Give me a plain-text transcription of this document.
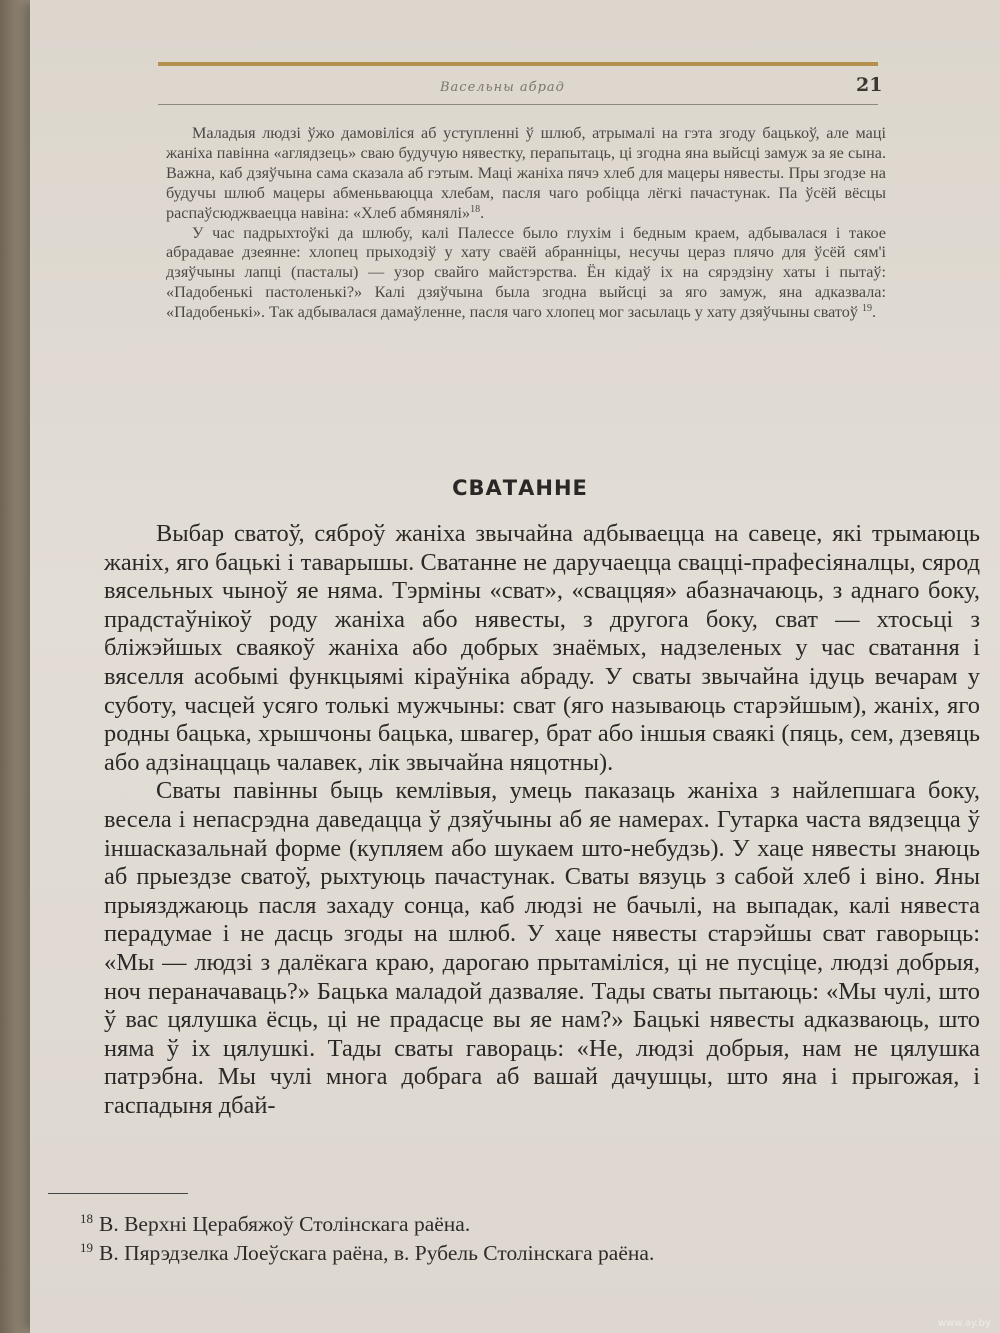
Васельны абрад	21

Маладыя людзі ўжо дамовіліся аб уступленні ў шлюб, атрымалі на гэта згоду бацькоў, але маці жаніха павінна «аглядзець» сваю будучую нявестку, перапытаць, ці згодна яна выйсці замуж за яе сына. Важна, каб дзяўчына сама сказала аб гэтым. Маці жаніха пячэ хлеб для мацеры нявесты. Пры згодзе на будучы шлюб мацеры абменьваюцца хлебам, пасля чаго робіцца лёгкі пачастунак. Па ўсёй вёсцы распаўсюджваецца навіна: «Хлеб абмянялі»$^{18}$.

У час падрыхтоўкі да шлюбу, калі Палессе было глухім і бедным краем, адбывалася і такое абрадавае дзеянне: хлопец прыходзіў у хату сваёй абранніцы, несучы цераз плячо для ўсёй сям'і дзяўчыны лапці (пасталы) — узор свайго майстэрства. Ён кідаў іх на сярэдзіну хаты і пытаў: «Падобенькі пастоленькі?» Калі дзяўчына была згодна выйсці за яго замуж, яна адказвала: «Падобенькі». Так адбывалася дамаўленне, пасля чаго хлопец мог засылаць у хату дзяўчыны сватоў $^{19}$.

СВАТАННЕ

Выбар сватоў, сяброў жаніха звычайна адбываецца на савеце, які трымаюць жаніх, яго бацькі і таварышы. Сватанне не даручаецца свацці-прафесіяналцы, сярод вясельных чыноў яе няма. Тэрміны «сват», «сваццяя» абазначаюць, з аднаго боку, прадстаўнікоў роду жаніха або нявесты, з другога боку, сват — хтосьці з бліжэйшых сваякоў жаніха або добрых знаёмых, надзеленых у час сватання і вяселля асобымі функцыямі кіраўніка абраду. У сваты звычайна ідуць вечарам у суботу, часцей усяго толькі мужчыны: сват (яго называюць старэйшым), жаніх, яго родны бацька, хрышчоны бацька, швагер, брат або іншыя сваякі (пяць, сем, дзевяць або адзінаццаць чалавек, лік звычайна няцотны).

Сваты павінны быць кемлівыя, умець паказаць жаніха з найлепшага боку, весела і непасрэдна даведацца ў дзяўчыны аб яе намерах. Гутарка часта вядзецца ў іншасказальнай форме (купляем або шукаем што-небудзь). У хаце нявесты знаюць аб прыездзе сватоў, рыхтуюць пачастунак. Сваты вязуць з сабой хлеб і віно. Яны прыязджаюць пасля захаду сонца, каб людзі не бачылі, на выпадак, калі нявеста перадумае і не дасць згоды на шлюб. У хаце нявесты старэйшы сват гаворыць: «Мы — людзі з далёкага краю, дарогаю прытаміліся, ці не пусціце, людзі добрыя, ноч пераначаваць?» Бацька маладой дазваляе. Тады сваты пытаюць: «Мы чулі, што ў вас цялушка ёсць, ці не прадасце вы яе нам?» Бацькі нявесты адказваюць, што няма ў іх цялушкі. Тады сваты гавораць: «Не, людзі добрыя, нам не цялушка патрэбна. Мы чулі многа добрага аб вашай дачушцы, што яна і прыгожая, і гаспадыня дбай-

$^{18}$ В. Верхні Церабяжоў Столінскага раёна.

$^{19}$ В. Пярэдзелка Лоеўскага раёна, в. Рубель Столінскага раёна.

www.ay.by
